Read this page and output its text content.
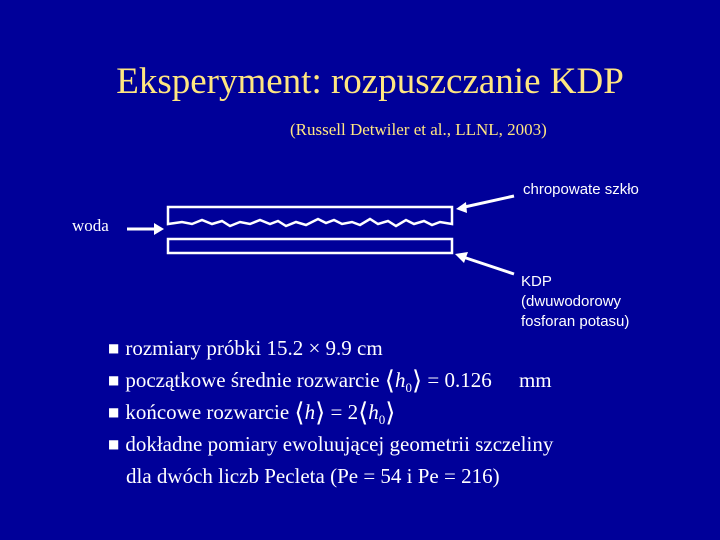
Eksperyment: rozpuszczanie KDP
(Russell Detwiler et al., LLNL, 2003)
chropowate szkło
woda
KDP
(dwuwodorowy
fosforan potasu)
■ rozmiary próbki 15.2 × 9.9 cm
■ początkowe średnie rozwarcie $⟨h_0⟩ = 0.126$ mm
■ końcowe rozwarcie ⟨h⟩ = $2⟨h_0⟩$
■ dokładne pomiary ewoluującej geometrii szczeliny
dla dwóch liczb Pecleta (Pe = 54 i Pe = 216)
